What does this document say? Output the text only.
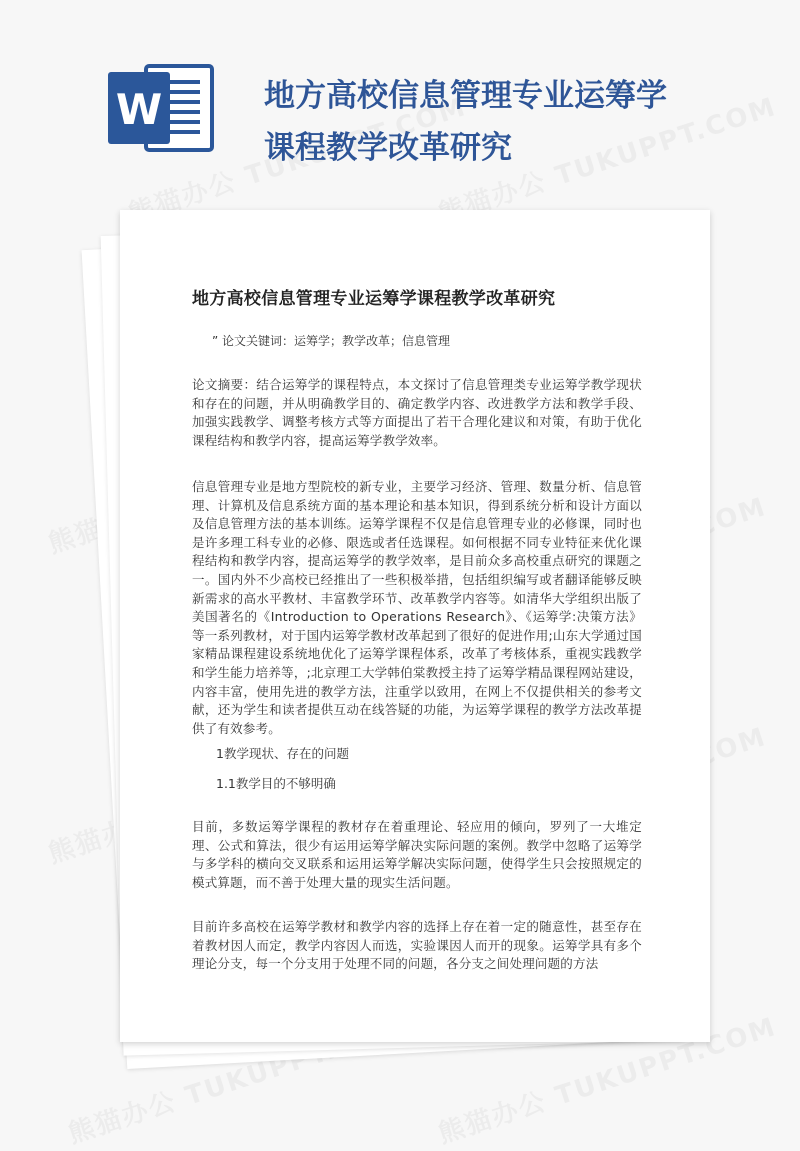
W	地方高校信息管理专业运筹学
课程教学改革研究
地方高校信息管理专业运筹学课程教学改革研究
” 论文关键词：运筹学；教学改革；信息管理

论文摘要：结合运筹学的课程特点，本文探讨了信息管理类专业运筹学教学现状和存在的问题，并从明确教学目的、确定教学内容、改进教学方法和教学手段、加强实践教学、调整考核方式等方面提出了若干合理化建议和对策，有助于优化课程结构和教学内容，提高运筹学教学效率。

信息管理专业是地方型院校的新专业，主要学习经济、管理、数量分析、信息管理、计算机及信息系统方面的基本理论和基本知识，得到系统分析和设计方面以及信息管理方法的基本训练。运筹学课程不仅是信息管理专业的必修课，同时也是许多理工科专业的必修、限选或者任选课程。如何根据不同专业特征来优化课程结构和教学内容，提高运筹学的教学效率，是目前众多高校重点研究的课题之一。国内外不少高校已经推出了一些积极举措，包括组织编写或者翻译能够反映新需求的高水平教材、丰富教学环节、改革教学内容等。如清华大学组织出版了美国著名的《Introduction to Operations Research》、《运筹学:决策方法》等一系列教材，对于国内运筹学教材改革起到了很好的促进作用;山东大学通过国家精品课程建设系统地优化了运筹学课程体系，改革了考核体系，重视实践教学和学生能力培养等，;北京理工大学韩伯棠教授主持了运筹学精品课程网站建设，内容丰富，使用先进的教学方法，注重学以致用，在网上不仅提供相关的参考文献，还为学生和读者提供互动在线答疑的功能，为运筹学课程的教学方法改革提供了有效参考。

1教学现状、存在的问题
1.1教学目的不够明确

目前，多数运筹学课程的教材存在着重理论、轻应用的倾向，罗列了一大堆定理、公式和算法，很少有运用运筹学解决实际问题的案例。教学中忽略了运筹学与多学科的横向交叉联系和运用运筹学解决实际问题，使得学生只会按照规定的模式算题，而不善于处理大量的现实生活问题。

目前许多高校在运筹学教材和教学内容的选择上存在着一定的随意性，甚至存在着教材因人而定，教学内容因人而选，实验课因人而开的现象。运筹学具有多个理论分支，每一个分支用于处理不同的问题，各分支之间处理问题的方法
